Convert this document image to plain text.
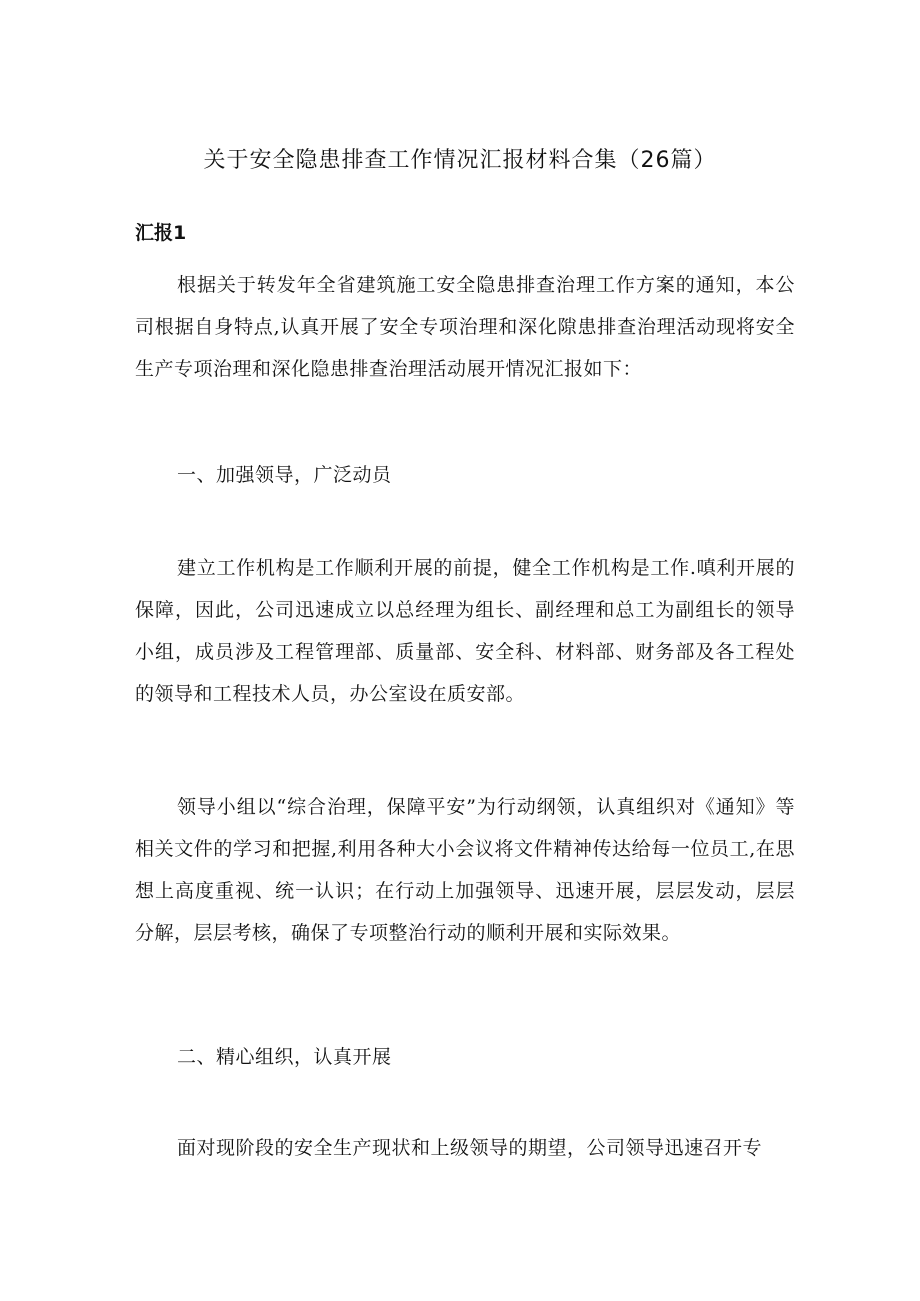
关于安全隐患排查工作情况汇报材料合集（26篇）
汇报1
根据关于转发年全省建筑施工安全隐患排查治理工作方案的通知，本公司根据自身特点,认真开展了安全专项治理和深化隙患排查治理活动现将安全生产专项治理和深化隐患排查治理活动展开情况汇报如下：
一、加强领导，广泛动员
建立工作机构是工作顺利开展的前提，健全工作机构是工作.嗔利开展的保障，因此，公司迅速成立以总经理为组长、副经理和总工为副组长的领导小组，成员涉及工程管理部、质量部、安全科、材料部、财务部及各工程处的领导和工程技术人员，办公室设在质安部。
领导小组以“综合治理，保障平安”为行动纲领，认真组织对《通知》等相关文件的学习和把握,利用各种大小会议将文件精神传达给每一位员工,在思想上高度重视、统一认识；在行动上加强领导、迅速开展，层层发动，层层分解，层层考核，确保了专项整治行动的顺利开展和实际效果。
二、精心组织，认真开展
面对现阶段的安全生产现状和上级领导的期望，公司领导迅速召开专
